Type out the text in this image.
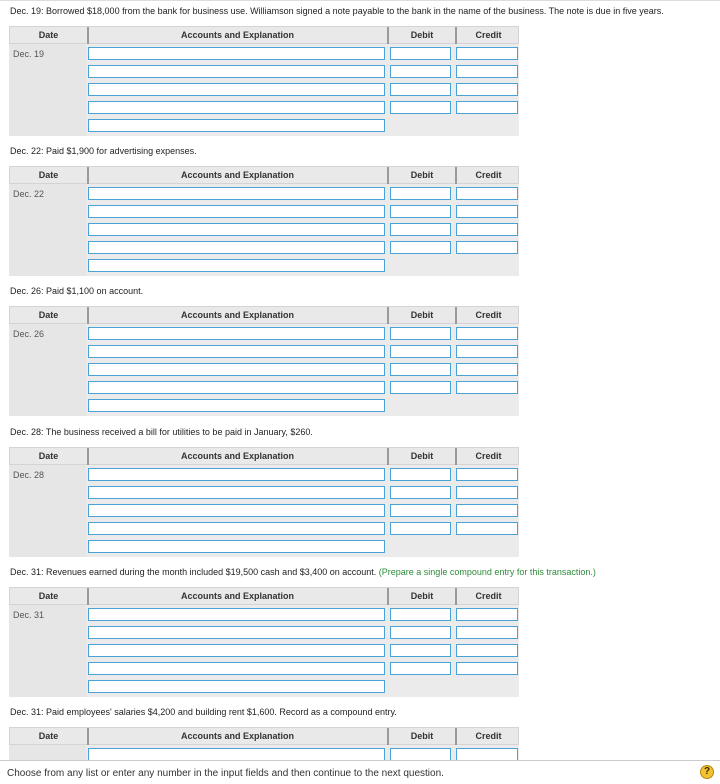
Dec. 19: Borrowed $18,000 from the bank for business use. Williamson signed a note payable to the bank in the name of the business. The note is due in five years.
Date	Accounts and Explanation	Debit	Credit
Dec. 19
Dec. 22: Paid $1,900 for advertising expenses.
Date	Accounts and Explanation	Debit	Credit
Dec. 22
Dec. 26: Paid $1,100 on account.
Date	Accounts and Explanation	Debit	Credit
Dec. 26
Dec. 28: The business received a bill for utilities to be paid in January, $260.
Date	Accounts and Explanation	Debit	Credit
Dec. 28
Dec. 31: Revenues earned during the month included $19,500 cash and $3,400 on account. (Prepare a single compound entry for this transaction.)
Date	Accounts and Explanation	Debit	Credit
Dec. 31
Dec. 31: Paid employees' salaries $4,200 and building rent $1,600. Record as a compound entry.
Date	Accounts and Explanation	Debit	Credit
Choose from any list or enter any number in the input fields and then continue to the next question.	?
